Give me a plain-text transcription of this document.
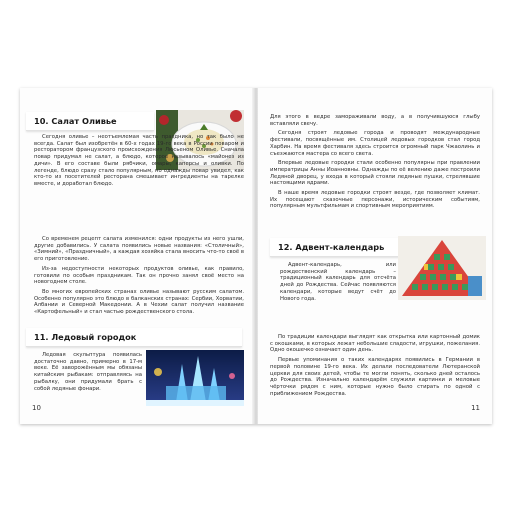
10. Салат Оливье

Сегодня оливье – неотъемлемая часть праздника, но так было не всегда. Салат был изобретён в 60-х годах 19-го века в России поваром и ресторатором французского происхождения Люсьеном Оливье. Сначала повар придумал не салат, а блюдо, которое называлось «майонез из дичи». В его составе были рябчики, омары, каперсы и оливки. По легенде, блюдо сразу стало популярным, но однажды повар увидел, как кто-то из посетителей ресторана смешивает ингредиенты на тарелке вместе, и доработал блюдо.

Со временем рецепт салата изменился: одни продукты из него ушли, другие добавились. У салата появились новые названия: «Столичный», «Зимний», «Праздничный», а каждая хозяйка стала вносить что-то своё в его приготовление.

Из-за недоступности некоторых продуктов оливье, как правило, готовили по особым праздникам. Так он прочно занял своё место на новогоднем столе.

Во многих европейских странах оливье называют русским салатом. Особенно популярно это блюдо в балканских странах: Сербии, Хорватии, Албании и Северной Македонии. А в Чехии салат получил название «Картофельный» и стал частью рождественского стола.

11. Ледовый городок

Ледовая скульптура появилась достаточно давно, примерно в 17-м веке. Её заворожённым мы обязаны китайским рыбакам: отправляясь на рыбалку, они придумали брать с собой ледяные фонари.

10

Для этого в ведре замораживали воду, а в получившуюся глыбу вставляли свечу.

Сегодня строят ледовые города и проводят международные фестивали, посвящённые им. Столицей ледовых городков стал город Харбин. На время фестиваля здесь строится огромный парк Чжаолинь и съезжаются мастера со всего света.

Впервые ледовые городки стали особенно популярны при правлении императрицы Анны Иоанновны. Однажды по её велению даже построили Ледяной дворец, у входа в который стояли ледяные пушки, стрелявшие настоящими ядрами.

В наше время ледовые городки строят везде, где позволяет климат. Их посещают сказочные персонажи, историческим событиям, популярным мультфильмам и спортивным мероприятиям.

12. Адвент-календарь

Адвент-календарь, или рождественский календарь – традиционный календарь для отсчёта дней до Рождества. Сейчас появляются календари, которые ведут счёт до Нового года.

По традиции календари выглядят как открытка или картонный домик с окошками, в которых лежат небольшие сладости, игрушки, пожелания. Одно окошечко означает один день.

Первые упоминания о таких календарях появились в Германии в первой половине 19-го века. Их делали последователи Лютеранской церкви для своих детей, чтобы те могли понять, сколько дней осталось до Рождества. Изначально календарём служили картинки и меловые чёрточки рядом с ним, которые нужно было стирать по одной с приближением Рождества.

11
